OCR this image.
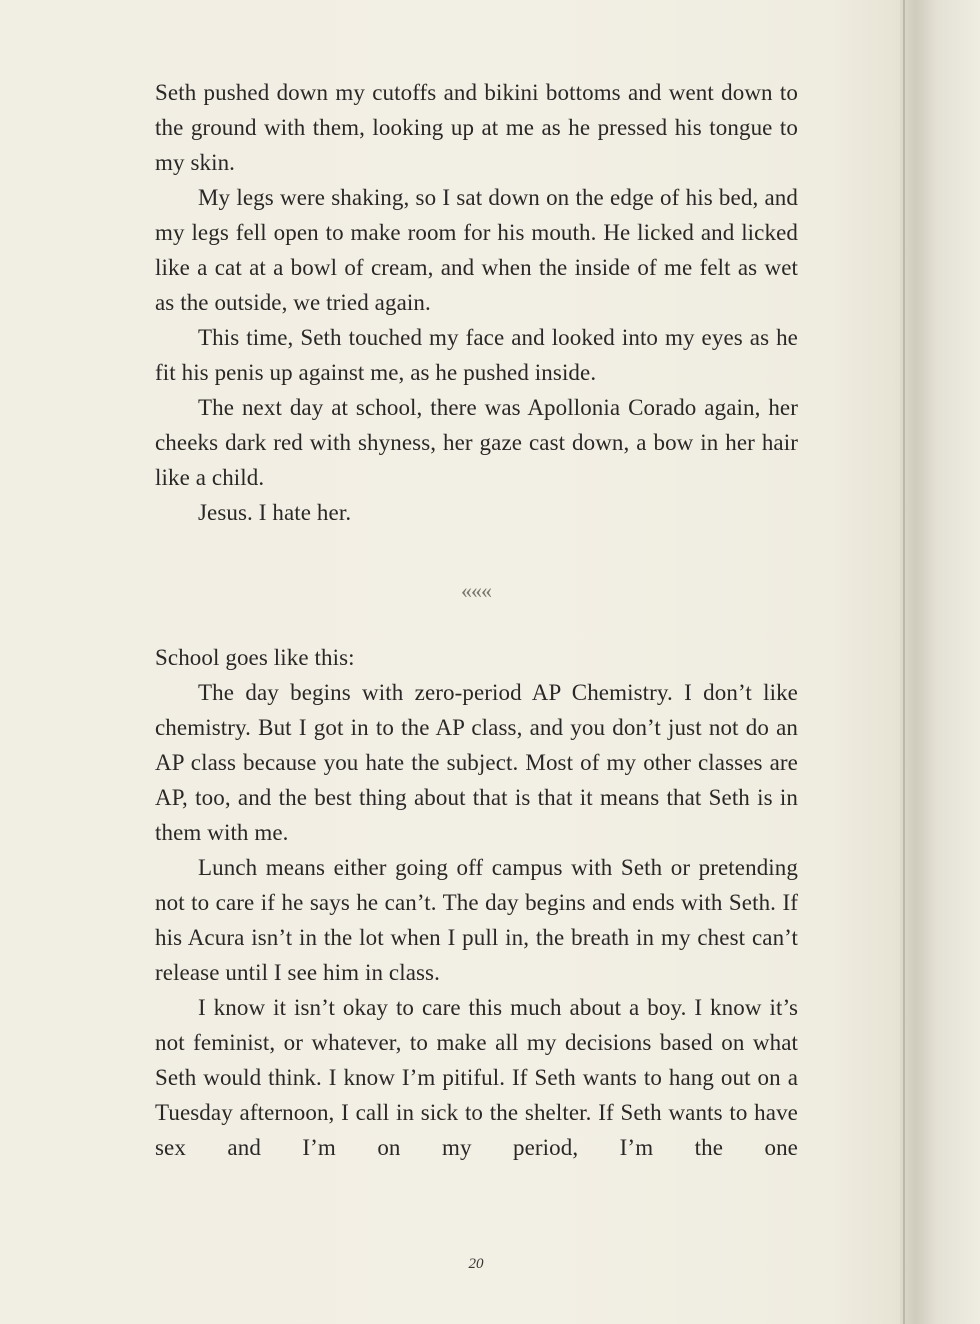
Seth pushed down my cutoffs and bikini bottoms and went down to the ground with them, looking up at me as he pressed his tongue to my skin.

My legs were shaking, so I sat down on the edge of his bed, and my legs fell open to make room for his mouth. He licked and licked like a cat at a bowl of cream, and when the inside of me felt as wet as the outside, we tried again.

This time, Seth touched my face and looked into my eyes as he fit his penis up against me, as he pushed inside.

The next day at school, there was Apollonia Corado again, her cheeks dark red with shyness, her gaze cast down, a bow in her hair like a child.

Jesus. I hate her.

«««

School goes like this:

The day begins with zero-period AP Chemistry. I don’t like chemistry. But I got in to the AP class, and you don’t just not do an AP class because you hate the subject. Most of my other classes are AP, too, and the best thing about that is that it means that Seth is in them with me.

Lunch means either going off campus with Seth or pretending not to care if he says he can’t. The day begins and ends with Seth. If his Acura isn’t in the lot when I pull in, the breath in my chest can’t release until I see him in class.

I know it isn’t okay to care this much about a boy. I know it’s not feminist, or whatever, to make all my decisions based on what Seth would think. I know I’m pitiful. If Seth wants to hang out on a Tuesday afternoon, I call in sick to the shelter. If Seth wants to have sex and I’m on my period, I’m the one

20
